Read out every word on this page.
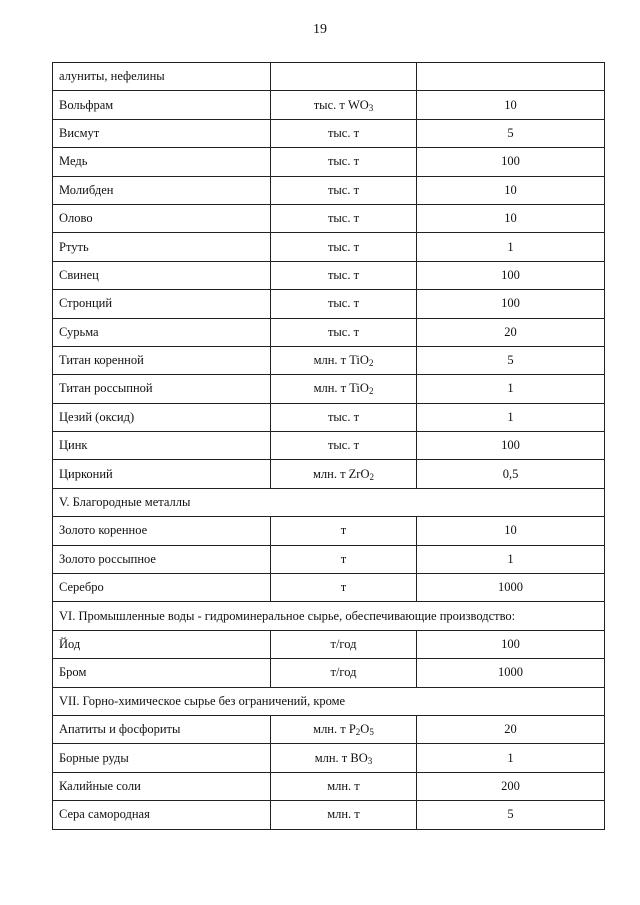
19
алуниты, нефелины		
Вольфрам	тыс. т $WO_3$	10
Висмут	тыс. т	5
Медь	тыс. т	100
Молибден	тыс. т	10
Олово	тыс. т	10
Ртуть	тыс. т	1
Свинец	тыс. т	100
Стронций	тыс. т	100
Сурьма	тыс. т	20
Титан коренной	млн. т TiO$_2$	5
Титан россыпной	млн. т TiO$_2$	1
Цезий (оксид)	тыс. т	1
Цинк	тыс. т	100
Цирконий	млн. т ZrO$_2$	0,5
V. Благородные металлы		
Золото коренное	т	10
Золото россыпное	т	1
Серебро	т	1000
VI. Промышленные воды - гидроминеральное сырье, обеспечивающие производство:		
Йод	т/год	100
Бром	т/год	1000
VII. Горно-химическое сырье без ограничений, кроме		
Апатиты и фосфориты	млн. т $P_2O_5$	20
Борные руды	млн. т $BO_3$	1
Калийные соли	млн. т	200
Сера самородная	млн. т	5
